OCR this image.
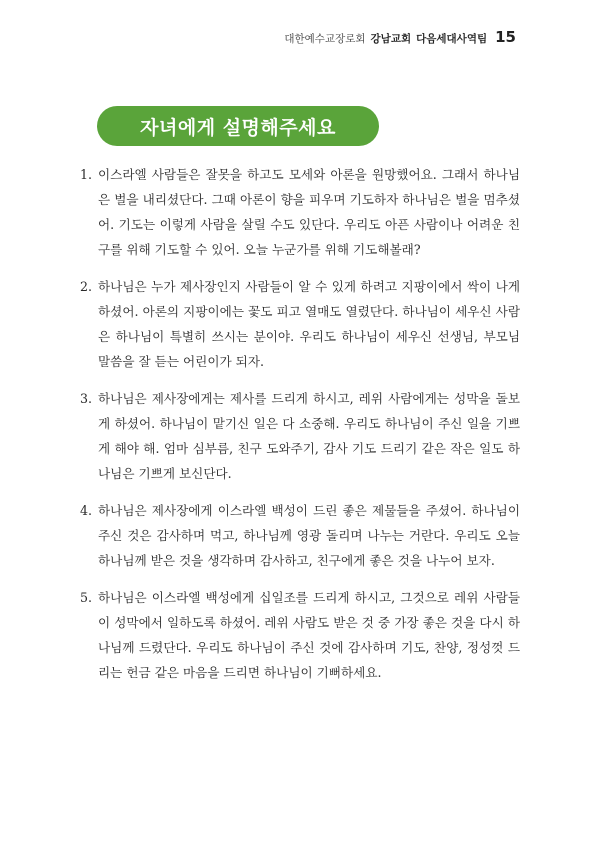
대한예수교장로회 강남교회 다음세대사역팀 15
자녀에게 설명해주세요
1. 이스라엘 사람들은 잘못을 하고도 모세와 아론을 원망했어요. 그래서 하나님은 벌을 내리셨단다. 그때 아론이 향을 피우며 기도하자 하나님은 벌을 멈추셨어. 기도는 이렇게 사람을 살릴 수도 있단다. 우리도 아픈 사람이나 어려운 친구를 위해 기도할 수 있어. 오늘 누군가를 위해 기도해볼래?
2. 하나님은 누가 제사장인지 사람들이 알 수 있게 하려고 지팡이에서 싹이 나게 하셨어. 아론의 지팡이에는 꽃도 피고 열매도 열렸단다. 하나님이 세우신 사람은 하나님이 특별히 쓰시는 분이야. 우리도 하나님이 세우신 선생님, 부모님 말씀을 잘 듣는 어린이가 되자.
3. 하나님은 제사장에게는 제사를 드리게 하시고, 레위 사람에게는 성막을 돌보게 하셨어. 하나님이 맡기신 일은 다 소중해. 우리도 하나님이 주신 일을 기쁘게 해야 해. 엄마 심부름, 친구 도와주기, 감사 기도 드리기 같은 작은 일도 하나님은 기쁘게 보신단다.
4. 하나님은 제사장에게 이스라엘 백성이 드린 좋은 제물들을 주셨어. 하나님이 주신 것은 감사하며 먹고, 하나님께 영광 돌리며 나누는 거란다. 우리도 오늘 하나님께 받은 것을 생각하며 감사하고, 친구에게 좋은 것을 나누어 보자.
5. 하나님은 이스라엘 백성에게 십일조를 드리게 하시고, 그것으로 레위 사람들이 성막에서 일하도록 하셨어. 레위 사람도 받은 것 중 가장 좋은 것을 다시 하나님께 드렸단다. 우리도 하나님이 주신 것에 감사하며 기도, 찬양, 정성껏 드리는 헌금 같은 마음을 드리면 하나님이 기뻐하세요.
